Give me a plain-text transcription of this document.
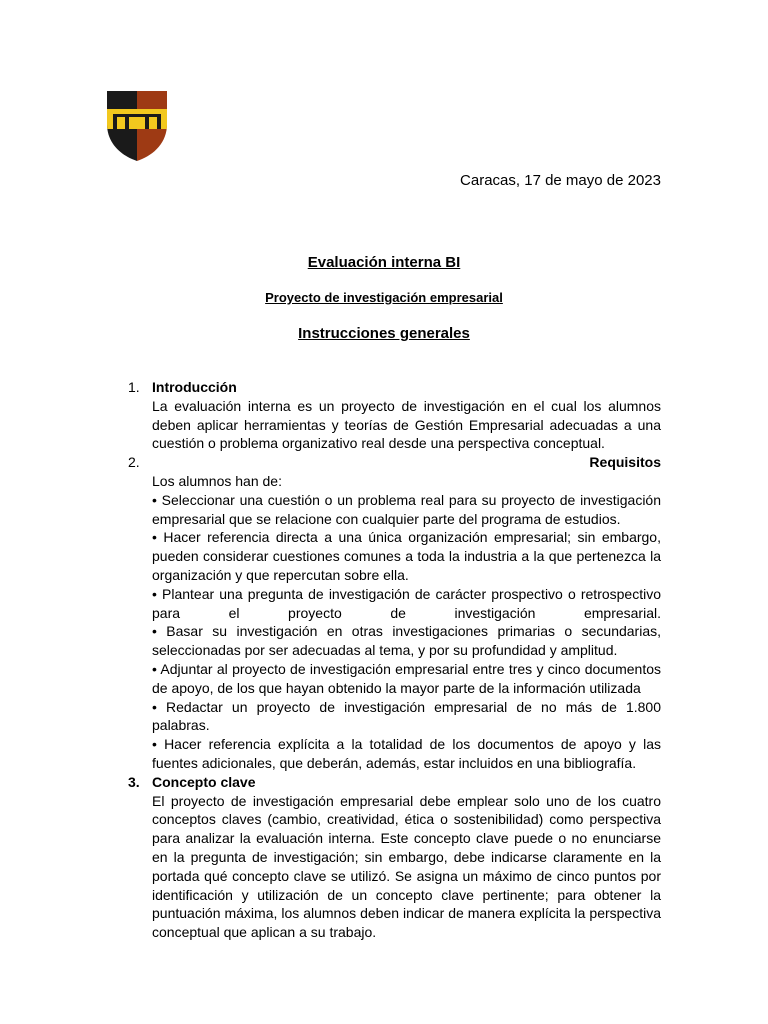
Caracas, 17 de mayo de 2023
Evaluación interna BI
Proyecto de investigación empresarial
Instrucciones generales
1. Introducción

La evaluación interna es un proyecto de investigación en el cual los alumnos deben aplicar herramientas y teorías de Gestión Empresarial adecuadas a una cuestión o problema organizativo real desde una perspectiva conceptual.

2.	Requisitos

Los alumnos han de:

• Seleccionar una cuestión o un problema real para su proyecto de investigación empresarial que se relacione con cualquier parte del programa de estudios.

• Hacer referencia directa a una única organización empresarial; sin embargo, pueden considerar cuestiones comunes a toda la industria a la que pertenezca la organización y que repercutan sobre ella.

• Plantear una pregunta de investigación de carácter prospectivo o retrospectivo para el proyecto de investigación empresarial.

• Basar su investigación en otras investigaciones primarias o secundarias, seleccionadas por ser adecuadas al tema, y por su profundidad y amplitud.

• Adjuntar al proyecto de investigación empresarial entre tres y cinco documentos de apoyo, de los que hayan obtenido la mayor parte de la información utilizada

• Redactar un proyecto de investigación empresarial de no más de 1.800 palabras.

• Hacer referencia explícita a la totalidad de los documentos de apoyo y las fuentes adicionales, que deberán, además, estar incluidos en una bibliografía.

3. Concepto clave

El proyecto de investigación empresarial debe emplear solo uno de los cuatro conceptos claves (cambio, creatividad, ética o sostenibilidad) como perspectiva para analizar la evaluación interna. Este concepto clave puede o no enunciarse en la pregunta de investigación; sin embargo, debe indicarse claramente en la portada qué concepto clave se utilizó. Se asigna un máximo de cinco puntos por identificación y utilización de un concepto clave pertinente; para obtener la puntuación máxima, los alumnos deben indicar de manera explícita la perspectiva conceptual que aplican a su trabajo.
